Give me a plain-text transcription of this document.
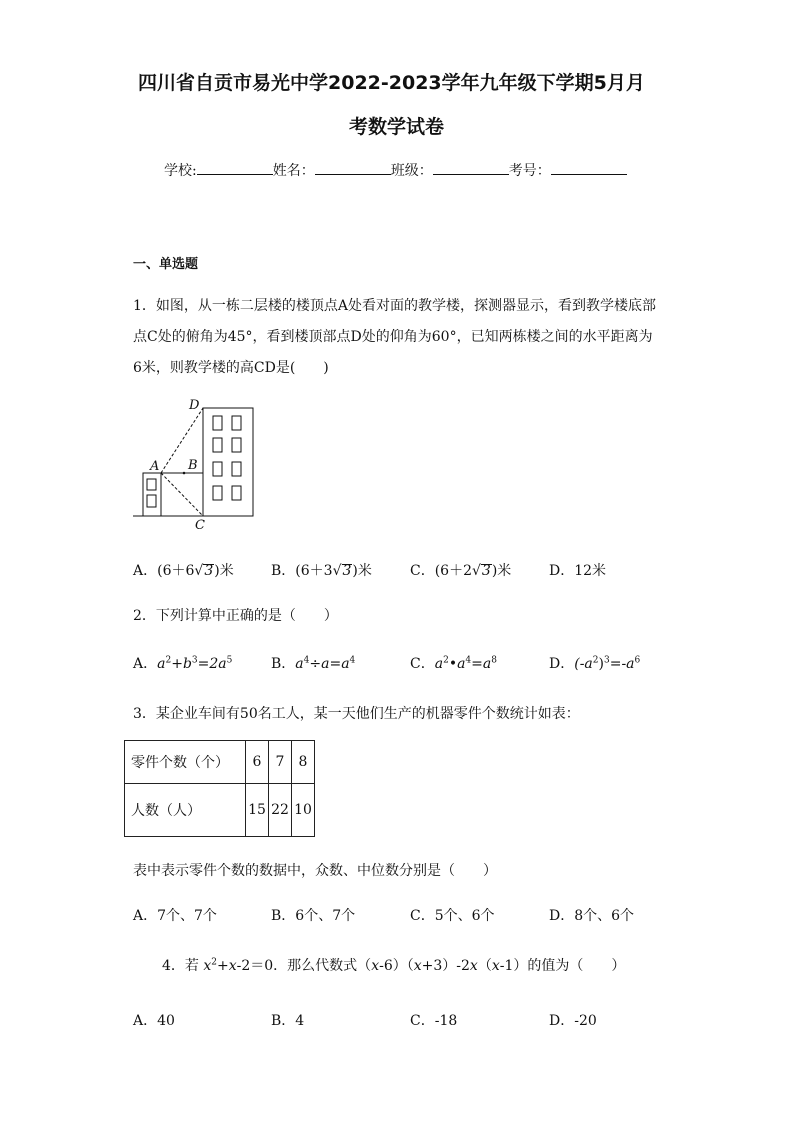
四川省自贡市易光中学2022-2023学年九年级下学期5月月
考数学试卷
学校:	姓名：	班级：	考号：
一、单选题
1．如图，从一栋二层楼的楼顶点A处看对面的教学楼，探测器显示，看到教学楼底部
点C处的俯角为45°，看到楼顶部点D处的仰角为60°，已知两栋楼之间的水平距离为
6米，则教学楼的高CD是(　　)
D
A B
C
A．(6＋6√3)米	B．(6＋3√3)米	C．(6＋2√3)米	D．12米
2．下列计算中正确的是（　　）
A．$a^2+b^3=2a^5$	B．$a^4\div a=a^4$	C．$a^2•a^4=a^8$	D．$(-a^2)^3=-a^6$
3．某企业车间有50名工人，某一天他们生产的机器零件个数统计如表：
零件个数（个）	6	7	8
人数（人）	15	22	10
表中表示零件个数的数据中，众数、中位数分别是（　　）
A．7个、7个	B．6个、7个	C．5个、6个	D．8个、6个
4．若 $x^2+x-2=0$．那么代数式（x-6）（x+3）-2x（x-1）的值为（　　）
A．40	B．4	C．-18	D．-20
